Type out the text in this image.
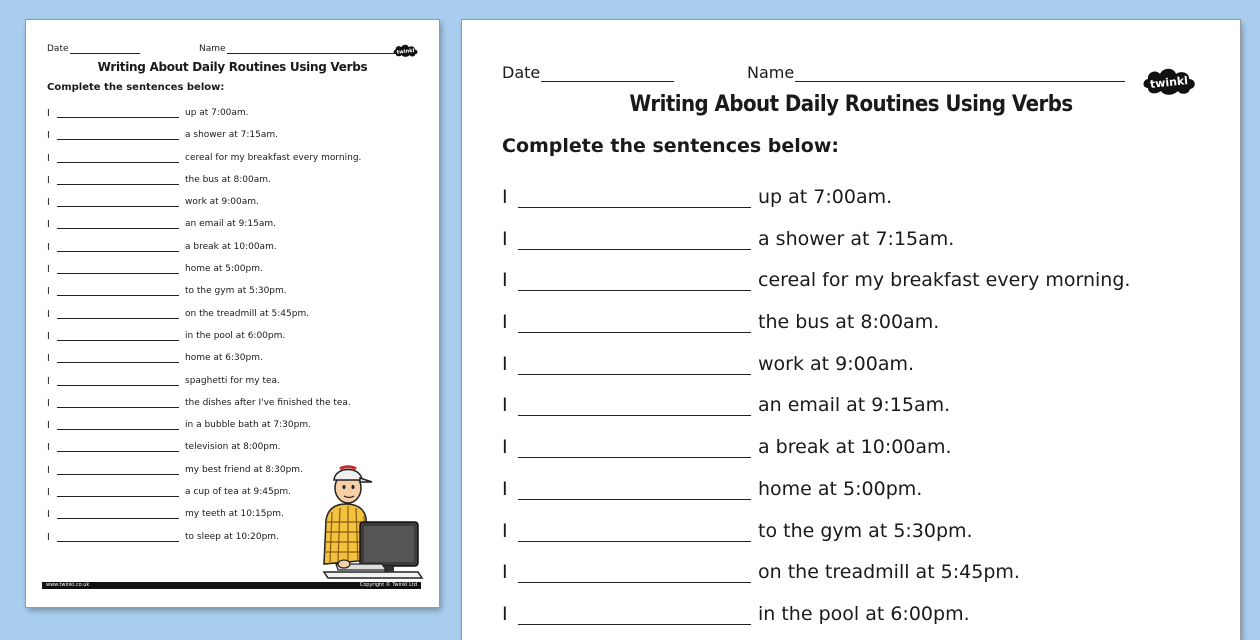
Date	Name	twinkl
Writing About Daily Routines Using Verbs
Complete the sentences below:
I	up at 7:00am.
I	a shower at 7:15am.
I	cereal for my breakfast every morning.
I	the bus at 8:00am.
I	work at 9:00am.
I	an email at 9:15am.
I	a break at 10:00am.
I	home at 5:00pm.
I	to the gym at 5:30pm.
I	on the treadmill at 5:45pm.
I	in the pool at 6:00pm.
I	home at 6:30pm.
I	spaghetti for my tea.
I	the dishes after I've finished the tea.
I	in a bubble bath at 7:30pm.
I	television at 8:00pm.
I	my best friend at 8:30pm.
I	a cup of tea at 9:45pm.
I	my teeth at 10:15pm.
I	to sleep at 10:20pm.
www.twinkl.co.uk	Copyright © Twinkl Ltd
Date	Name
twinkl
Writing About Daily Routines Using Verbs
Complete the sentences below:
I	up at 7:00am.
I	a shower at 7:15am.
I	cereal for my breakfast every morning.
I	the bus at 8:00am.
I	work at 9:00am.
I	an email at 9:15am.
I	a break at 10:00am.
I	home at 5:00pm.
I	to the gym at 5:30pm.
I	on the treadmill at 5:45pm.
I	in the pool at 6:00pm.
